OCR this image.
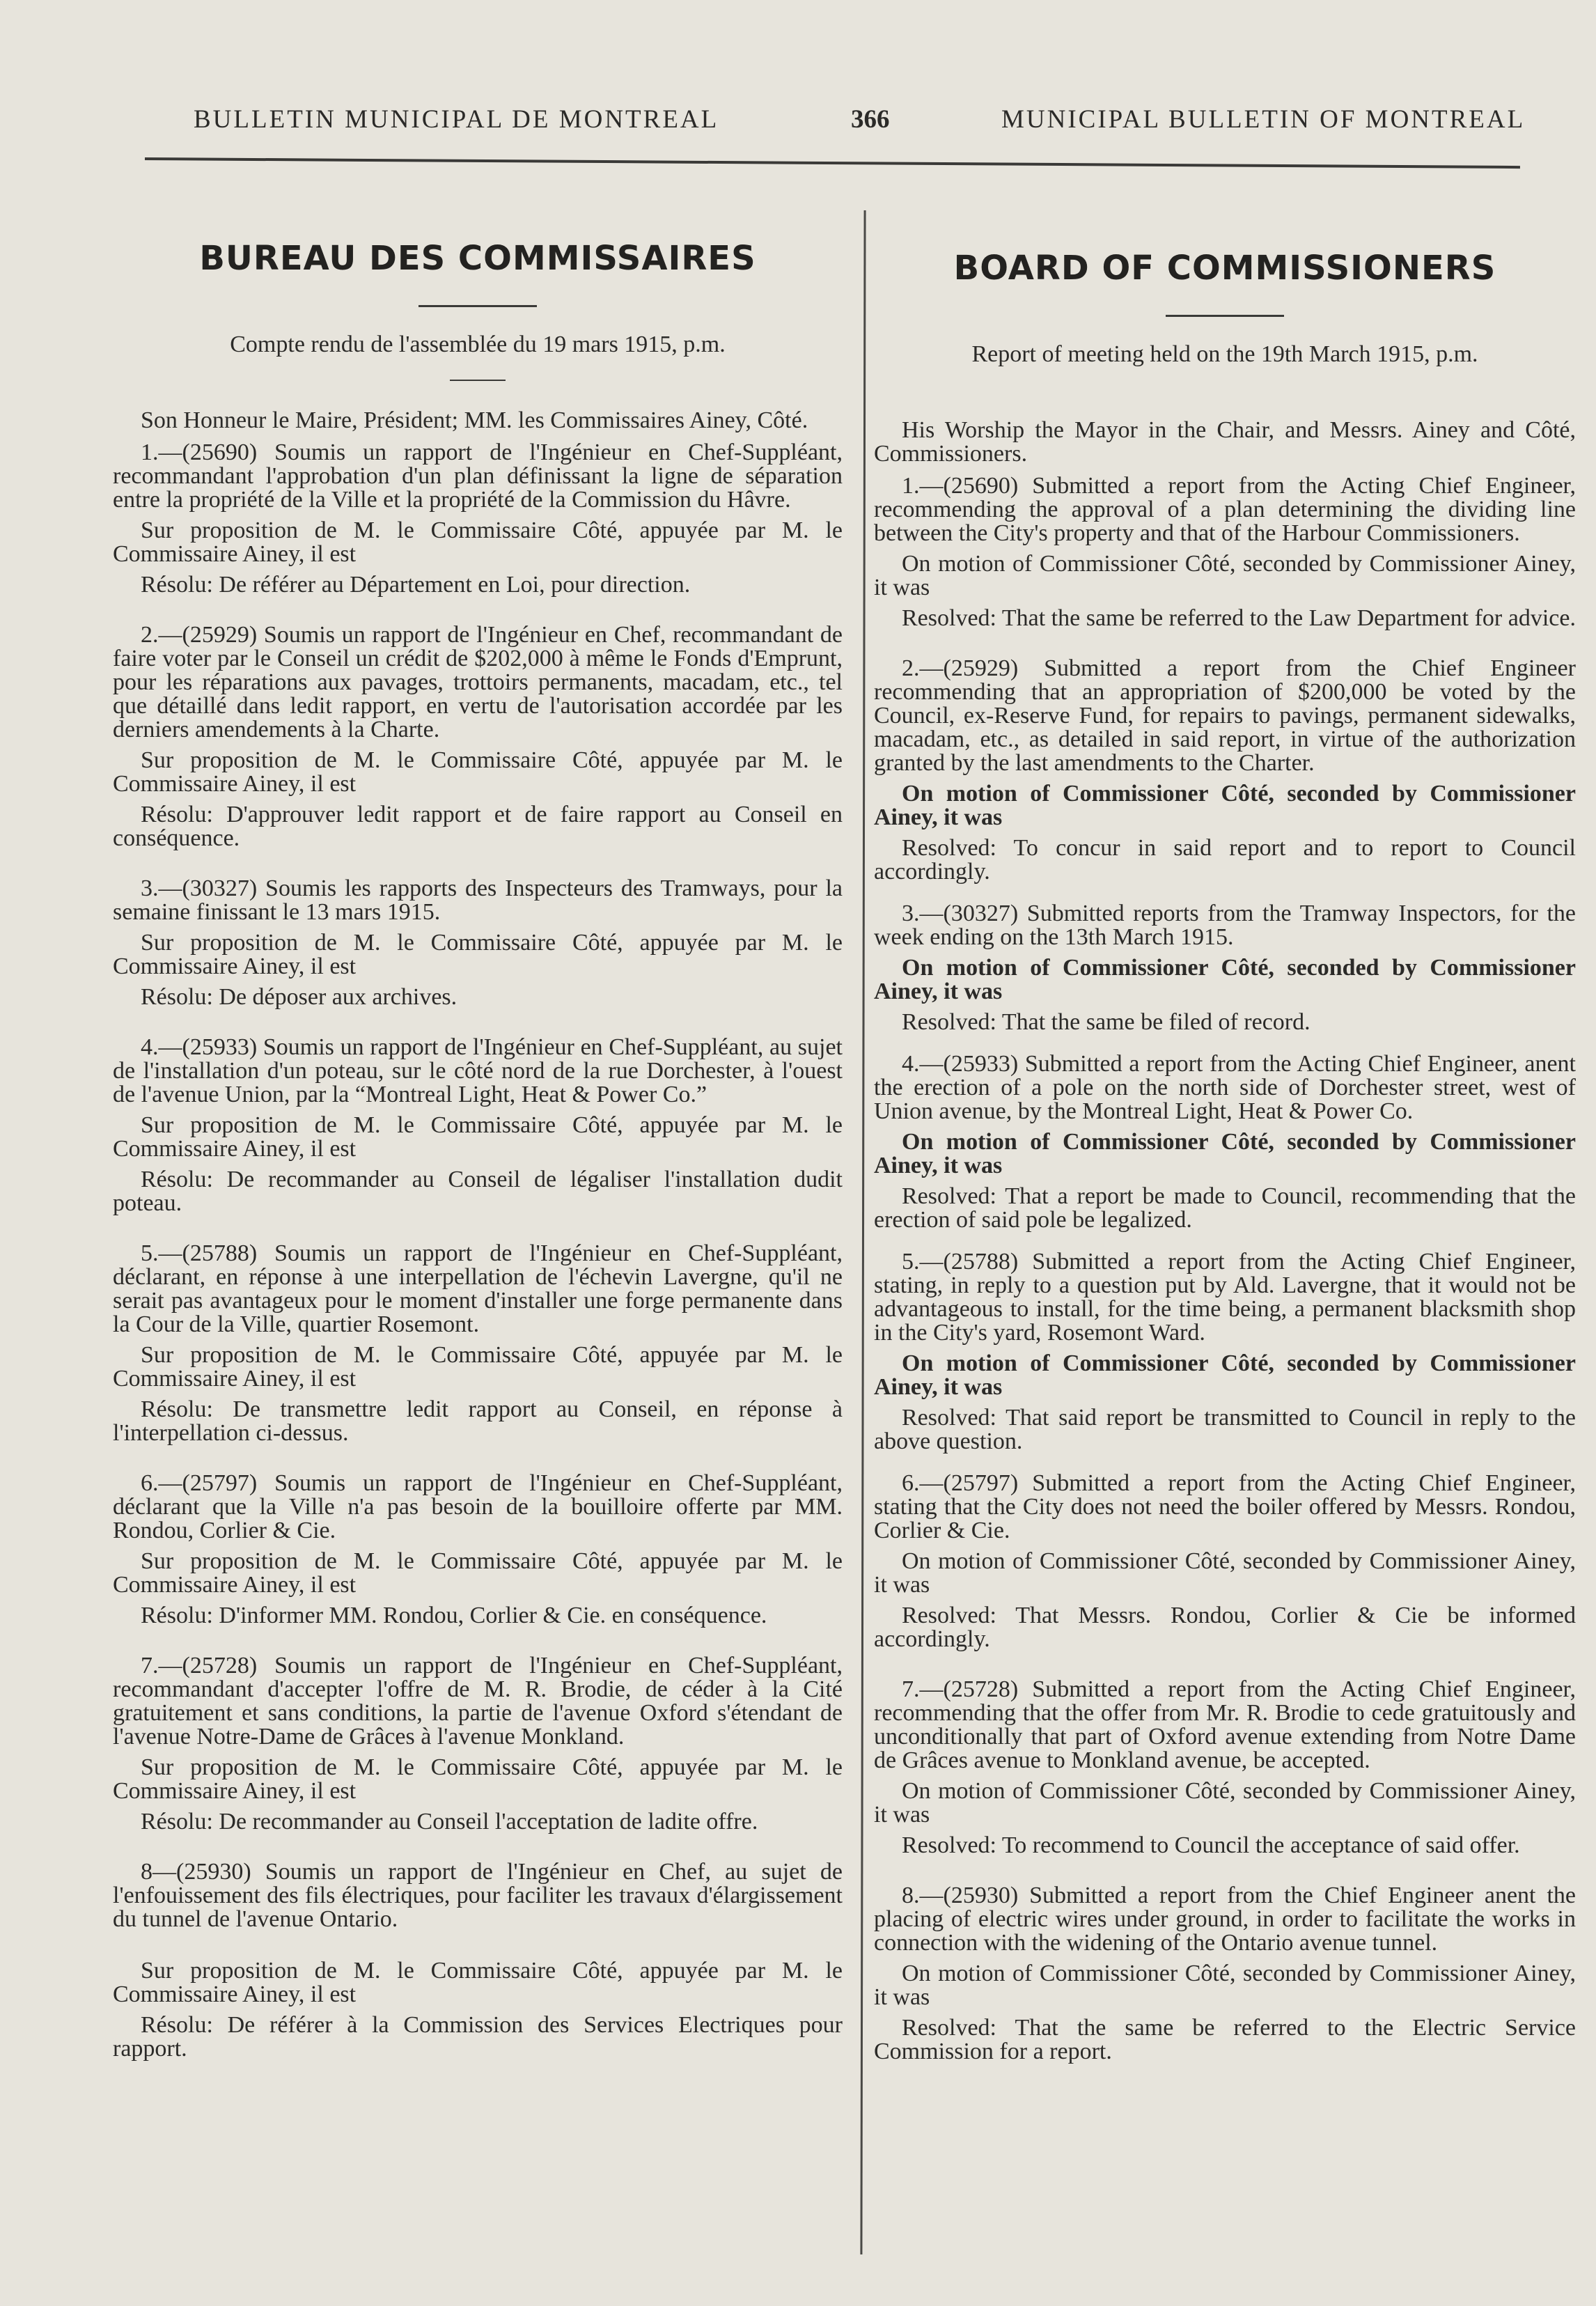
BULLETIN MUNICIPAL DE MONTREAL	366	MUNICIPAL BULLETIN OF MONTREAL
BUREAU DES COMMISSAIRES

Compte rendu de l'assemblée du 19 mars 1915, p.m.

Son Honneur le Maire, Président; MM. les Commissaires Ainey, Côté.

1.—(25690) Soumis un rapport de l'Ingénieur en Chef-Suppléant, recommandant l'approbation d'un plan définissant la ligne de séparation entre la propriété de la Ville et la propriété de la Commission du Hâvre.

Sur proposition de M. le Commissaire Côté, appuyée par M. le Commissaire Ainey, il est

Résolu: De référer au Département en Loi, pour direction.

2.—(25929) Soumis un rapport de l'Ingénieur en Chef, recommandant de faire voter par le Conseil un crédit de $202,000 à même le Fonds d'Emprunt, pour les réparations aux pavages, trottoirs permanents, macadam, etc., tel que détaillé dans ledit rapport, en vertu de l'autorisation accordée par les derniers amendements à la Charte.

Sur proposition de M. le Commissaire Côté, appuyée par M. le Commissaire Ainey, il est

Résolu: D'approuver ledit rapport et de faire rapport au Conseil en conséquence.

3.—(30327) Soumis les rapports des Inspecteurs des Tramways, pour la semaine finissant le 13 mars 1915.

Sur proposition de M. le Commissaire Côté, appuyée par M. le Commissaire Ainey, il est

Résolu: De déposer aux archives.

4.—(25933) Soumis un rapport de l'Ingénieur en Chef-Suppléant, au sujet de l'installation d'un poteau, sur le côté nord de la rue Dorchester, à l'ouest de l'avenue Union, par la “Montreal Light, Heat & Power Co.”

Sur proposition de M. le Commissaire Côté, appuyée par M. le Commissaire Ainey, il est

Résolu: De recommander au Conseil de légaliser l'installation dudit poteau.

5.—(25788) Soumis un rapport de l'Ingénieur en Chef-Suppléant, déclarant, en réponse à une interpellation de l'échevin Lavergne, qu'il ne serait pas avantageux pour le moment d'installer une forge permanente dans la Cour de la Ville, quartier Rosemont.

Sur proposition de M. le Commissaire Côté, appuyée par M. le Commissaire Ainey, il est

Résolu: De transmettre ledit rapport au Conseil, en réponse à l'interpellation ci-dessus.

6.—(25797) Soumis un rapport de l'Ingénieur en Chef-Suppléant, déclarant que la Ville n'a pas besoin de la bouilloire offerte par MM. Rondou, Corlier & Cie.

Sur proposition de M. le Commissaire Côté, appuyée par M. le Commissaire Ainey, il est

Résolu: D'informer MM. Rondou, Corlier & Cie. en conséquence.

7.—(25728) Soumis un rapport de l'Ingénieur en Chef-Suppléant, recommandant d'accepter l'offre de M. R. Brodie, de céder à la Cité gratuitement et sans conditions, la partie de l'avenue Oxford s'étendant de l'avenue Notre-Dame de Grâces à l'avenue Monkland.

Sur proposition de M. le Commissaire Côté, appuyée par M. le Commissaire Ainey, il est

Résolu: De recommander au Conseil l'acceptation de ladite offre.

8—(25930) Soumis un rapport de l'Ingénieur en Chef, au sujet de l'enfouissement des fils électriques, pour faciliter les travaux d'élargissement du tunnel de l'avenue Ontario.

Sur proposition de M. le Commissaire Côté, appuyée par M. le Commissaire Ainey, il est

Résolu: De référer à la Commission des Services Electriques pour rapport.

BOARD OF COMMISSIONERS

Report of meeting held on the 19th March 1915, p.m.

His Worship the Mayor in the Chair, and Messrs. Ainey and Côté, Commissioners.

1.—(25690) Submitted a report from the Acting Chief Engineer, recommending the approval of a plan determining the dividing line between the City's property and that of the Harbour Commissioners.

On motion of Commissioner Côté, seconded by Commissioner Ainey, it was

Resolved: That the same be referred to the Law Department for advice.

2.—(25929) Submitted a report from the Chief Engineer recommending that an appropriation of $200,000 be voted by the Council, ex-Reserve Fund, for repairs to pavings, permanent sidewalks, macadam, etc., as detailed in said report, in virtue of the authorization granted by the last amendments to the Charter.

On motion of Commissioner Côté, seconded by Commissioner Ainey, it was

Resolved: To concur in said report and to report to Council accordingly.

3.—(30327) Submitted reports from the Tramway Inspectors, for the week ending on the 13th March 1915.

On motion of Commissioner Côté, seconded by Commissioner Ainey, it was

Resolved: That the same be filed of record.

4.—(25933) Submitted a report from the Acting Chief Engineer, anent the erection of a pole on the north side of Dorchester street, west of Union avenue, by the Montreal Light, Heat & Power Co.

On motion of Commissioner Côté, seconded by Commissioner Ainey, it was

Resolved: That a report be made to Council, recommending that the erection of said pole be legalized.

5.—(25788) Submitted a report from the Acting Chief Engineer, stating, in reply to a question put by Ald. Lavergne, that it would not be advantageous to install, for the time being, a permanent blacksmith shop in the City's yard, Rosemont Ward.

On motion of Commissioner Côté, seconded by Commissioner Ainey, it was

Resolved: That said report be transmitted to Council in reply to the above question.

6.—(25797) Submitted a report from the Acting Chief Engineer, stating that the City does not need the boiler offered by Messrs. Rondou, Corlier & Cie.

On motion of Commissioner Côté, seconded by Commissioner Ainey, it was

Resolved: That Messrs. Rondou, Corlier & Cie be informed accordingly.

7.—(25728) Submitted a report from the Acting Chief Engineer, recommending that the offer from Mr. R. Brodie to cede gratuitously and unconditionally that part of Oxford avenue extending from Notre Dame de Grâces avenue to Monkland avenue, be accepted.

On motion of Commissioner Côté, seconded by Commissioner Ainey, it was

Resolved: To recommend to Council the acceptance of said offer.

8.—(25930) Submitted a report from the Chief Engineer anent the placing of electric wires under ground, in order to facilitate the works in connection with the widening of the Ontario avenue tunnel.

On motion of Commissioner Côté, seconded by Commissioner Ainey, it was

Resolved: That the same be referred to the Electric Service Commission for a report.
